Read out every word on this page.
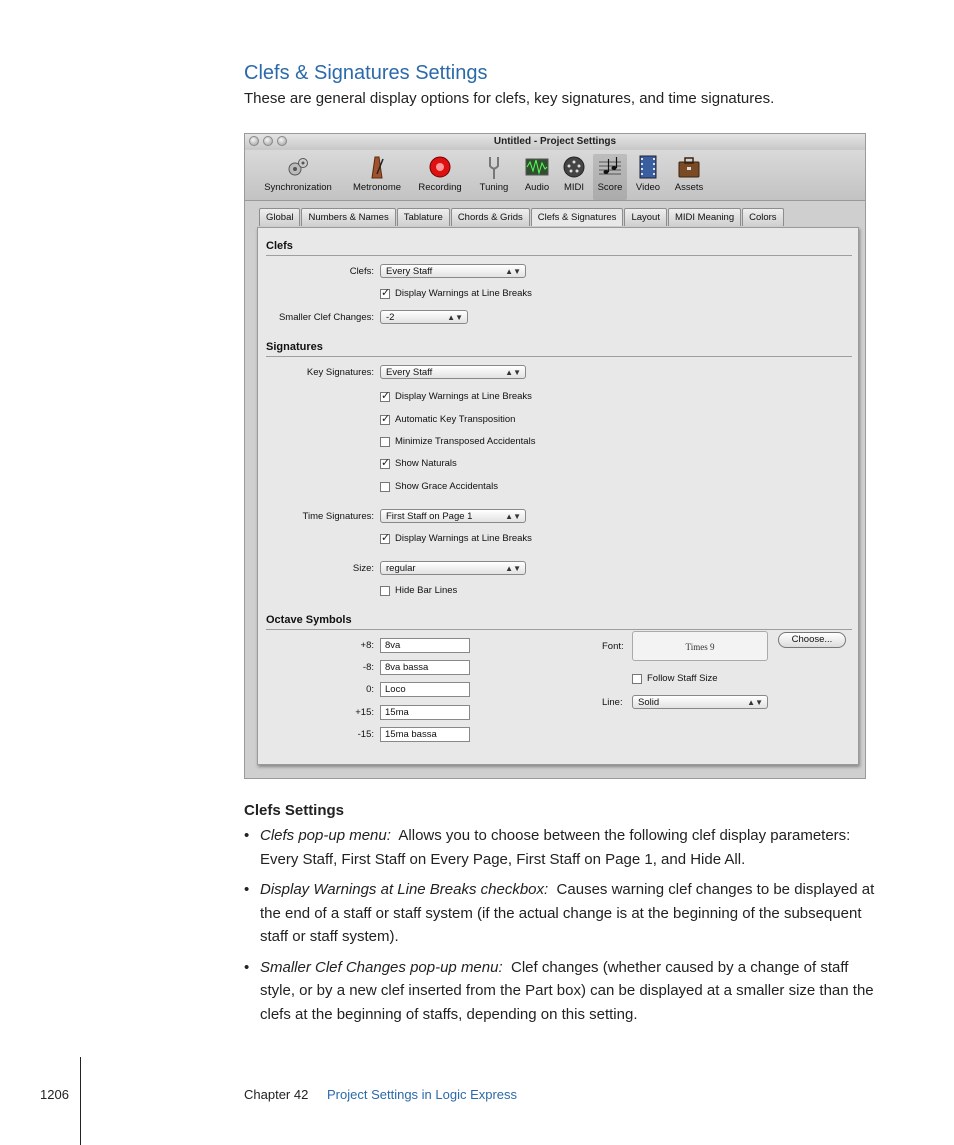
Clefs & Signatures Settings
These are general display options for clefs, key signatures, and time signatures.
Untitled - Project Settings
Synchronization	Metronome	Recording	Tuning	Audio	MIDI	Score	Video	Assets
Global	Numbers & Names	Tablature	Chords & Grids	Clefs & Signatures	Layout	MIDI Meaning	Colors
Clefs
Clefs:	Every Staff	▲▼
✓ Display Warnings at Line Breaks
Smaller Clef Changes:	-2	▲▼
Signatures
Key Signatures:	Every Staff	▲▼
✓ Display Warnings at Line Breaks
✓ Automatic Key Transposition
Minimize Transposed Accidentals
✓ Show Naturals
Show Grace Accidentals
Time Signatures:	First Staff on Page 1	▲▼
✓ Display Warnings at Line Breaks
Size:	regular	▲▼
Hide Bar Lines
Octave Symbols
+8:	8va
-8:	8va bassa
0:	Loco
+15:	15ma
-15:	15ma bassa
Font:	Times 9
Choose...
Follow Staff Size
Line:	Solid	▲▼
Clefs Settings
• Clefs pop-up menu: Allows you to choose between the following clef display parameters: Every Staff, First Staff on Every Page, First Staff on Page 1, and Hide All.
• Display Warnings at Line Breaks checkbox: Causes warning clef changes to be displayed at the end of a staff or staff system (if the actual change is at the beginning of the subsequent staff or staff system).
• Smaller Clef Changes pop-up menu: Clef changes (whether caused by a change of staff style, or by a new clef inserted from the Part box) can be displayed at a smaller size than the clefs at the beginning of staffs, depending on this setting.
1206	Chapter 42 Project Settings in Logic Express
